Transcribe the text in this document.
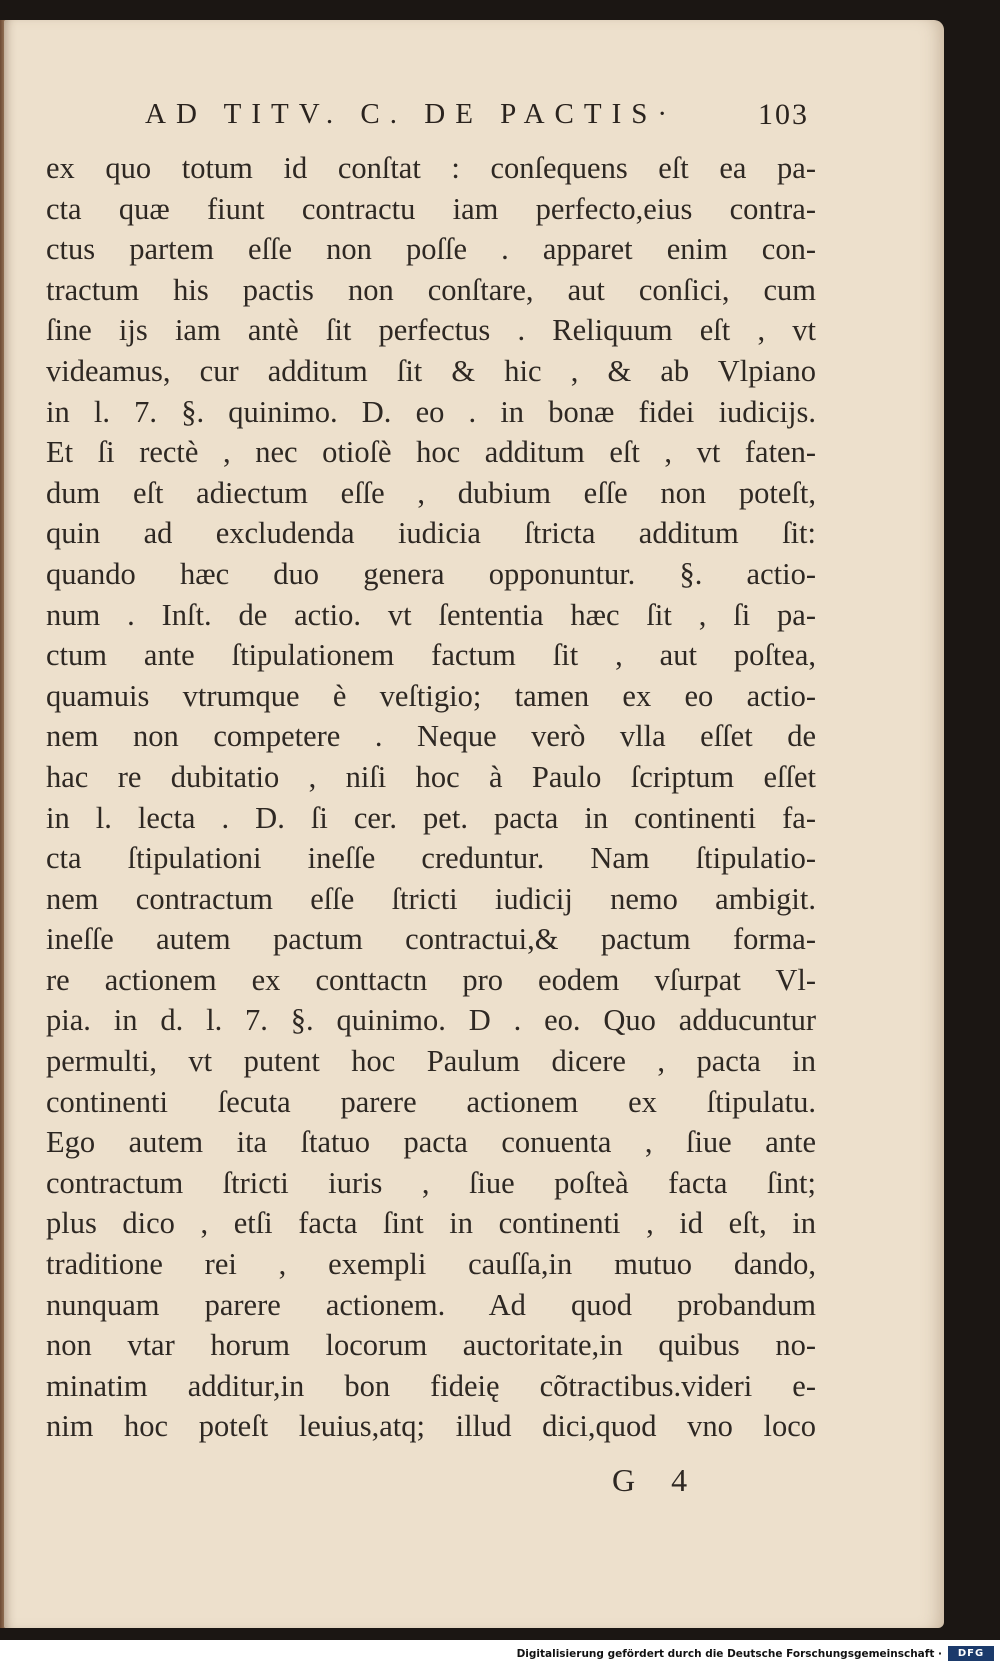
AD TITV. C. DE PACTIS·	103
ex quo totum id conſtat : conſequens eſt ea pa-
cta quæ fiunt contractu iam perfecto,eius contra-
ctus partem eſſe non poſſe . apparet enim con-
tractum his pactis non conſtare, aut conſici, cum
ſine ijs iam antè ſit perfectus . Reliquum eſt , vt
videamus, cur additum ſit & hic , & ab Vlpiano
in l. 7. §. quinimo. D. eo . in bonæ fidei iudicijs.
Et ſi rectè , nec otioſè hoc additum eſt , vt faten-
dum eſt adiectum eſſe , dubium eſſe non poteſt,
quin ad excludenda iudicia ſtricta additum ſit:
quando hæc duo genera opponuntur. §. actio-
num . Inſt. de actio. vt ſententia hæc ſit , ſi pa-
ctum ante ſtipulationem factum ſit , aut poſtea,
quamuis vtrumque è veſtigio; tamen ex eo actio-
nem non competere . Neque verò vlla eſſet de
hac re dubitatio , niſi hoc à Paulo ſcriptum eſſet
in l. lecta . D. ſi cer. pet. pacta in continenti fa-
cta ſtipulationi ineſſe creduntur. Nam ſtipulatio-
nem contractum eſſe ſtricti iudicij nemo ambigit.
ineſſe autem pactum contractui,& pactum forma-
re actionem ex conttactn pro eodem vſurpat Vl-
pia. in d. l. 7. §. quinimo. D . eo. Quo adducuntur
permulti, vt putent hoc Paulum dicere , pacta in
continenti ſecuta parere actionem ex ſtipulatu.
Ego autem ita ſtatuo pacta conuenta , ſiue ante
contractum ſtricti iuris , ſiue poſteà facta ſint;
plus dico , etſi facta ſint in continenti , id eſt, in
traditione rei , exempli cauſſa,in mutuo dando,
nunquam parere actionem. Ad quod probandum
non vtar horum locorum auctoritate,in quibus no-
minatim additur,in bon fideię cõtractibus.videri e-
nim hoc poteſt leuius,atq; illud dici,quod vno loco
G 4
Digitalisierung gefördert durch die Deutsche Forschungsgemeinschaft ·	DFG
